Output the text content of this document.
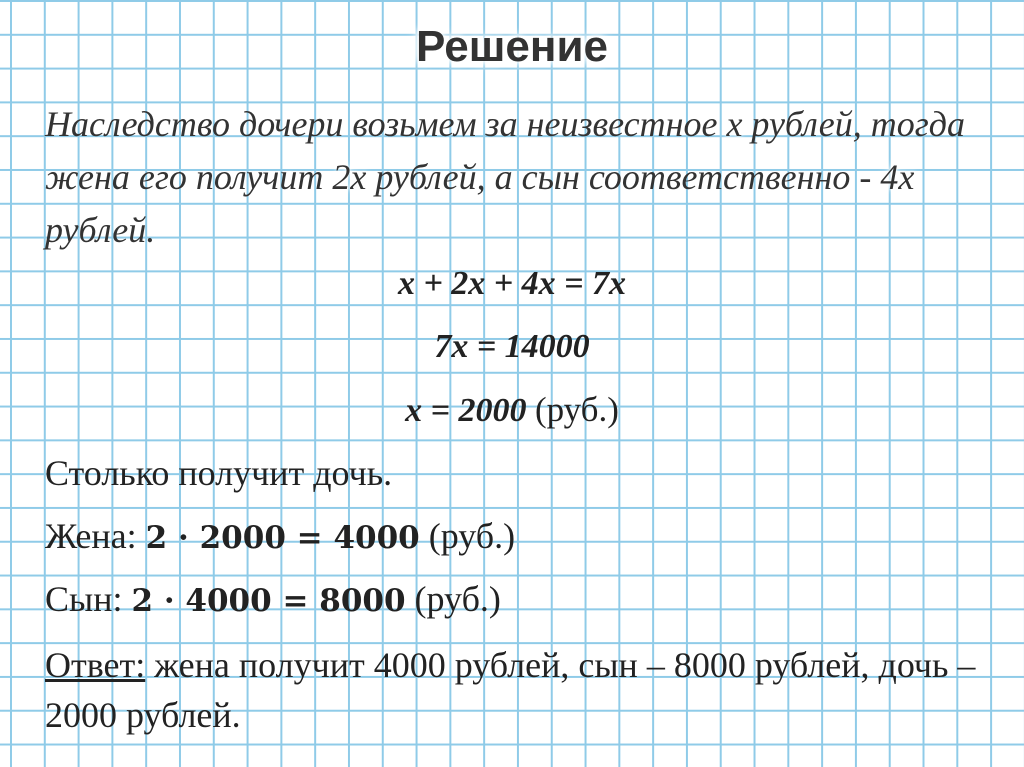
Решение
Наследство дочери возьмем за неизвестное x рублей, тогда жена его получит 2x рублей, а сын соответственно - 4x рублей.
x + 2x + 4x = 7x
7x = 14000
x = 2000 (руб.)
Столько получит дочь.
Жена: 2 · 2000 = 4000 (руб.)
Сын: 2 · 4000 = 8000 (руб.)
Ответ: жена получит 4000 рублей, сын – 8000 рублей, дочь – 2000 рублей.
